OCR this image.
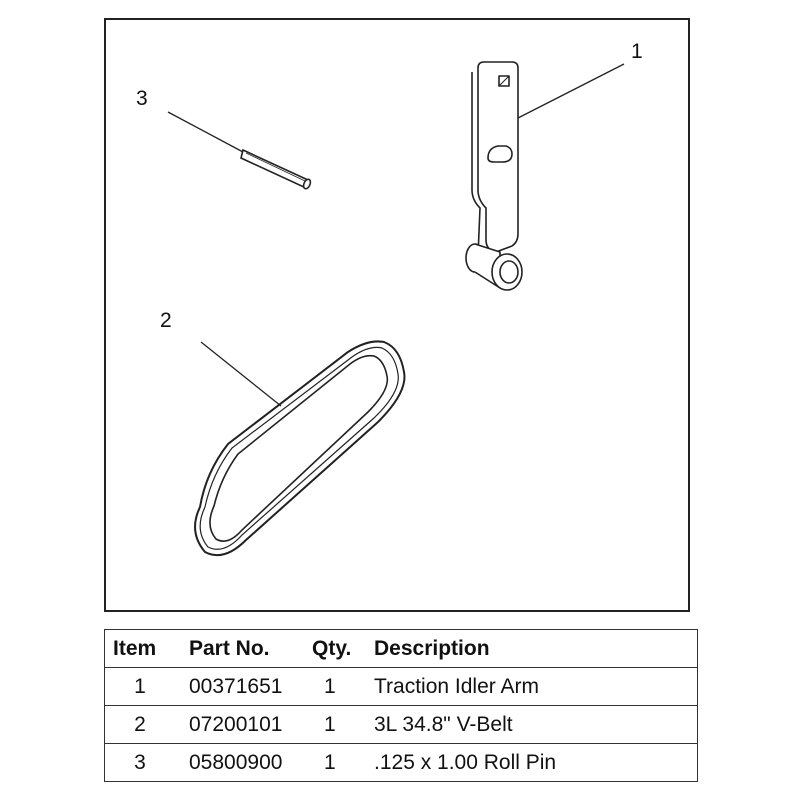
3
1
2
Item	Part No.	Qty.	Description
1	00371651	1	Traction Idler Arm
2	07200101	1	3L 34.8" V-Belt
3	05800900	1	.125 x 1.00 Roll Pin
